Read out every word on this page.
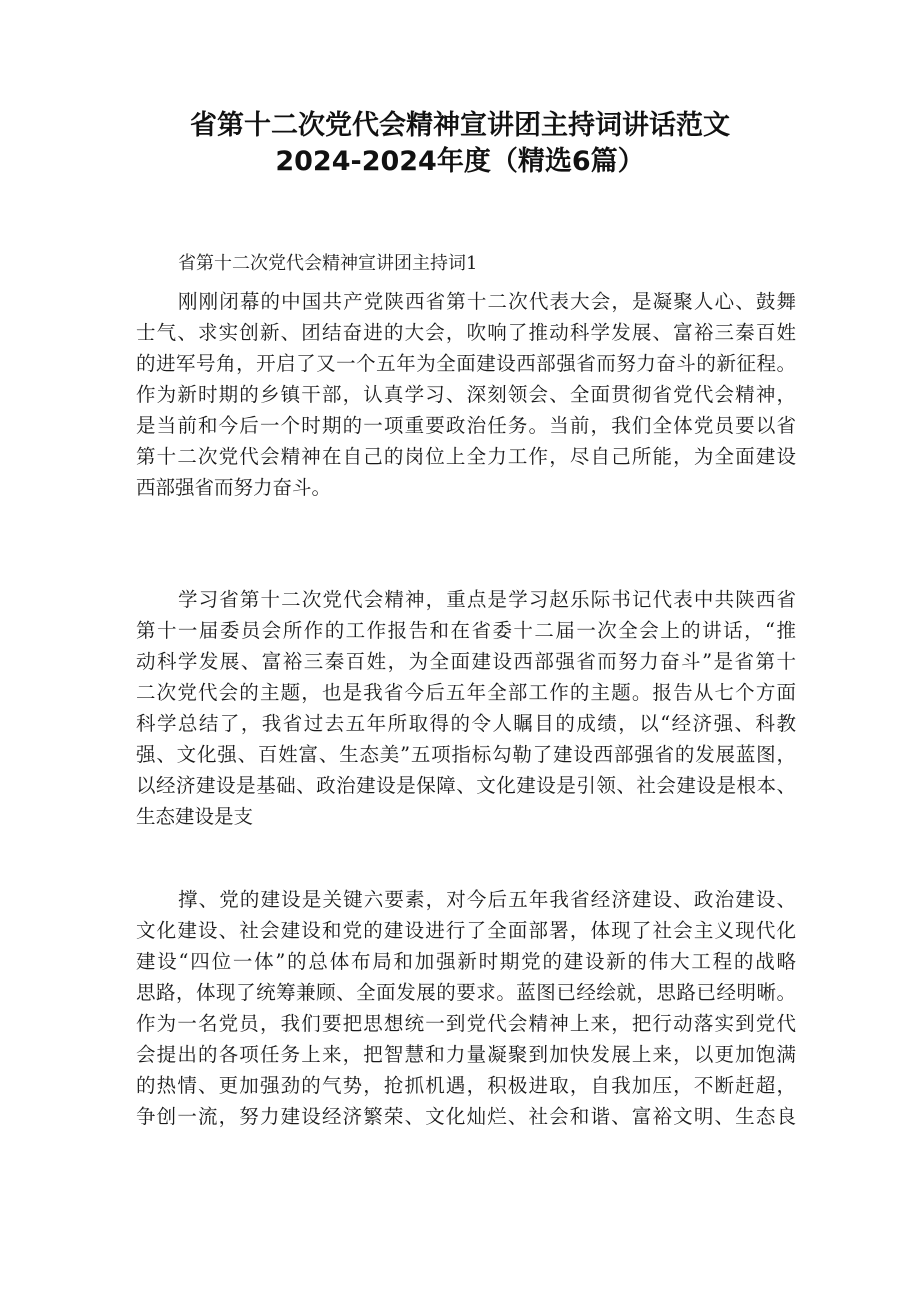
省第十二次党代会精神宣讲团主持词讲话范文
2024-2024年度（精选6篇）
省第十二次党代会精神宣讲团主持词1
刚刚闭幕的中国共产党陕西省第十二次代表大会，是凝聚人心、鼓舞
士气、求实创新、团结奋进的大会，吹响了推动科学发展、富裕三秦百姓
的进军号角，开启了又一个五年为全面建设西部强省而努力奋斗的新征程。
作为新时期的乡镇干部，认真学习、深刻领会、全面贯彻省党代会精神，
是当前和今后一个时期的一项重要政治任务。当前，我们全体党员要以省
第十二次党代会精神在自己的岗位上全力工作，尽自己所能，为全面建设
西部强省而努力奋斗。
学习省第十二次党代会精神，重点是学习赵乐际书记代表中共陕西省
第十一届委员会所作的工作报告和在省委十二届一次全会上的讲话，“推
动科学发展、富裕三秦百姓，为全面建设西部强省而努力奋斗”是省第十
二次党代会的主题，也是我省今后五年全部工作的主题。报告从七个方面
科学总结了，我省过去五年所取得的令人瞩目的成绩，以“经济强、科教
强、文化强、百姓富、生态美”五项指标勾勒了建设西部强省的发展蓝图，
以经济建设是基础、政治建设是保障、文化建设是引领、社会建设是根本、
生态建设是支
撑、党的建设是关键六要素，对今后五年我省经济建设、政治建设、
文化建设、社会建设和党的建设进行了全面部署，体现了社会主义现代化
建设“四位一体”的总体布局和加强新时期党的建设新的伟大工程的战略
思路，体现了统筹兼顾、全面发展的要求。蓝图已经绘就，思路已经明晰。
作为一名党员，我们要把思想统一到党代会精神上来，把行动落实到党代
会提出的各项任务上来，把智慧和力量凝聚到加快发展上来，以更加饱满
的热情、更加强劲的气势，抢抓机遇，积极进取，自我加压，不断赶超，
争创一流，努力建设经济繁荣、文化灿烂、社会和谐、富裕文明、生态良
